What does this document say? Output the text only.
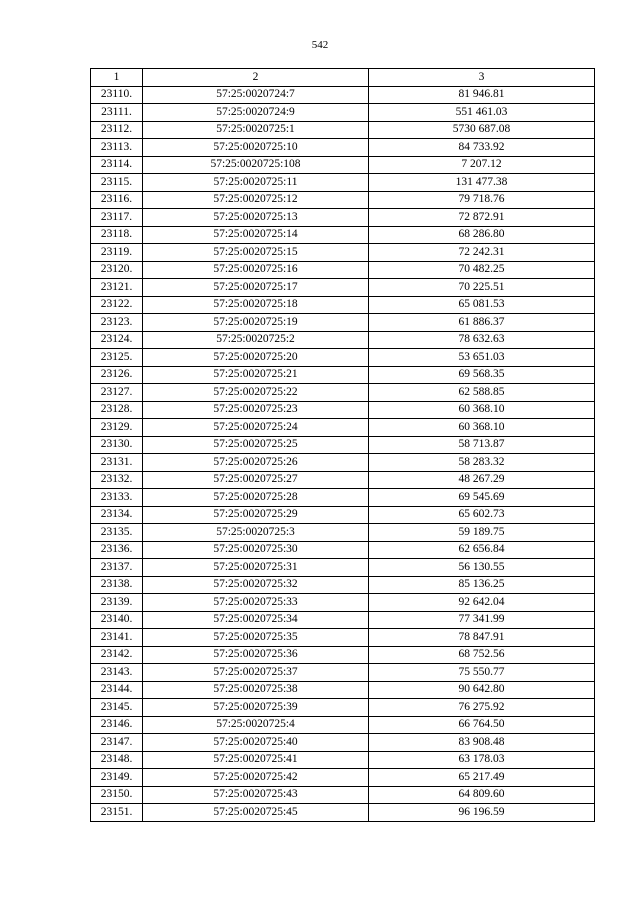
542
1	2	3
23110.	57:25:0020724:7	81 946.81
23111.	57:25:0020724:9	551 461.03
23112.	57:25:0020725:1	5730 687.08
23113.	57:25:0020725:10	84 733.92
23114.	57:25:0020725:108	7 207.12
23115.	57:25:0020725:11	131 477.38
23116.	57:25:0020725:12	79 718.76
23117.	57:25:0020725:13	72 872.91
23118.	57:25:0020725:14	68 286.80
23119.	57:25:0020725:15	72 242.31
23120.	57:25:0020725:16	70 482.25
23121.	57:25:0020725:17	70 225.51
23122.	57:25:0020725:18	65 081.53
23123.	57:25:0020725:19	61 886.37
23124.	57:25:0020725:2	78 632.63
23125.	57:25:0020725:20	53 651.03
23126.	57:25:0020725:21	69 568.35
23127.	57:25:0020725:22	62 588.85
23128.	57:25:0020725:23	60 368.10
23129.	57:25:0020725:24	60 368.10
23130.	57:25:0020725:25	58 713.87
23131.	57:25:0020725:26	58 283.32
23132.	57:25:0020725:27	48 267.29
23133.	57:25:0020725:28	69 545.69
23134.	57:25:0020725:29	65 602.73
23135.	57:25:0020725:3	59 189.75
23136.	57:25:0020725:30	62 656.84
23137.	57:25:0020725:31	56 130.55
23138.	57:25:0020725:32	85 136.25
23139.	57:25:0020725:33	92 642.04
23140.	57:25:0020725:34	77 341.99
23141.	57:25:0020725:35	78 847.91
23142.	57:25:0020725:36	68 752.56
23143.	57:25:0020725:37	75 550.77
23144.	57:25:0020725:38	90 642.80
23145.	57:25:0020725:39	76 275.92
23146.	57:25:0020725:4	66 764.50
23147.	57:25:0020725:40	83 908.48
23148.	57:25:0020725:41	63 178.03
23149.	57:25:0020725:42	65 217.49
23150.	57:25:0020725:43	64 809.60
23151.	57:25:0020725:45	96 196.59
